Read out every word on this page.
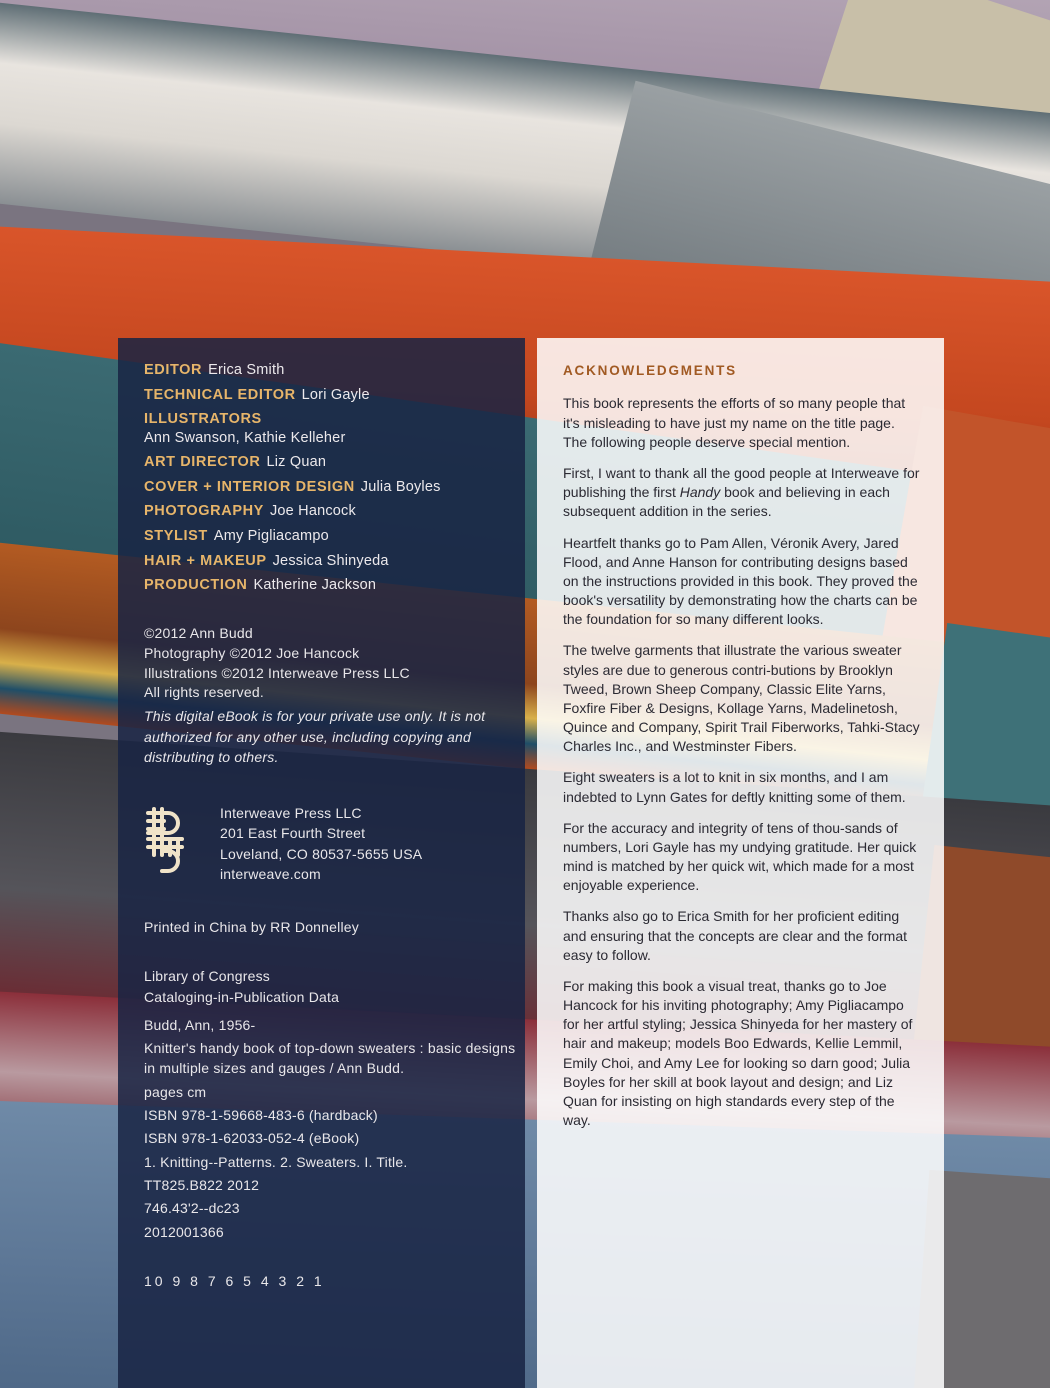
EDITOR Erica Smith
TECHNICAL EDITOR Lori Gayle
ILLUSTRATORS
Ann Swanson, Kathie Kelleher
ART DIRECTOR Liz Quan
COVER + INTERIOR DESIGN Julia Boyles
PHOTOGRAPHY Joe Hancock
STYLIST Amy Pigliacampo
HAIR + MAKEUP Jessica Shinyeda
PRODUCTION Katherine Jackson
©2012 Ann Budd
Photography ©2012 Joe Hancock
Illustrations ©2012 Interweave Press LLC
All rights reserved.
This digital eBook is for your private use only. It is not authorized for any other use, including copying and distributing to others.
Interweave Press LLC
201 East Fourth Street
Loveland, CO 80537-5655 USA
interweave.com
Printed in China by RR Donnelley
Library of Congress
Cataloging-in-Publication Data
Budd, Ann, 1956-
Knitter's handy book of top-down sweaters : basic designs in multiple sizes and gauges / Ann Budd.
pages cm
ISBN 978-1-59668-483-6 (hardback)
ISBN 978-1-62033-052-4 (eBook)
1. Knitting--Patterns. 2. Sweaters. I. Title.
TT825.B822 2012
746.43'2--dc23
2012001366
10 9 8 7 6 5 4 3 2 1
ACKNOWLEDGMENTS

This book represents the efforts of so many people that it's misleading to have just my name on the title page. The following people deserve special mention.

First, I want to thank all the good people at Interweave for publishing the first Handy book and believing in each subsequent addition in the series.

Heartfelt thanks go to Pam Allen, Véronik Avery, Jared Flood, and Anne Hanson for contributing designs based on the instructions provided in this book. They proved the book's versatility by demonstrating how the charts can be the foundation for so many different looks.

The twelve garments that illustrate the various sweater styles are due to generous contri-butions by Brooklyn Tweed, Brown Sheep Company, Classic Elite Yarns, Foxfire Fiber & Designs, Kollage Yarns, Madelinetosh, Quince and Company, Spirit Trail Fiberworks, Tahki-Stacy Charles Inc., and Westminster Fibers.

Eight sweaters is a lot to knit in six months, and I am indebted to Lynn Gates for deftly knitting some of them.

For the accuracy and integrity of tens of thou-sands of numbers, Lori Gayle has my undying gratitude. Her quick mind is matched by her quick wit, which made for a most enjoyable experience.

Thanks also go to Erica Smith for her proficient editing and ensuring that the concepts are clear and the format easy to follow.

For making this book a visual treat, thanks go to Joe Hancock for his inviting photography; Amy Pigliacampo for her artful styling; Jessica Shinyeda for her mastery of hair and makeup; models Boo Edwards, Kellie Lemmil, Emily Choi, and Amy Lee for looking so darn good; Julia Boyles for her skill at book layout and design; and Liz Quan for insisting on high standards every step of the way.
